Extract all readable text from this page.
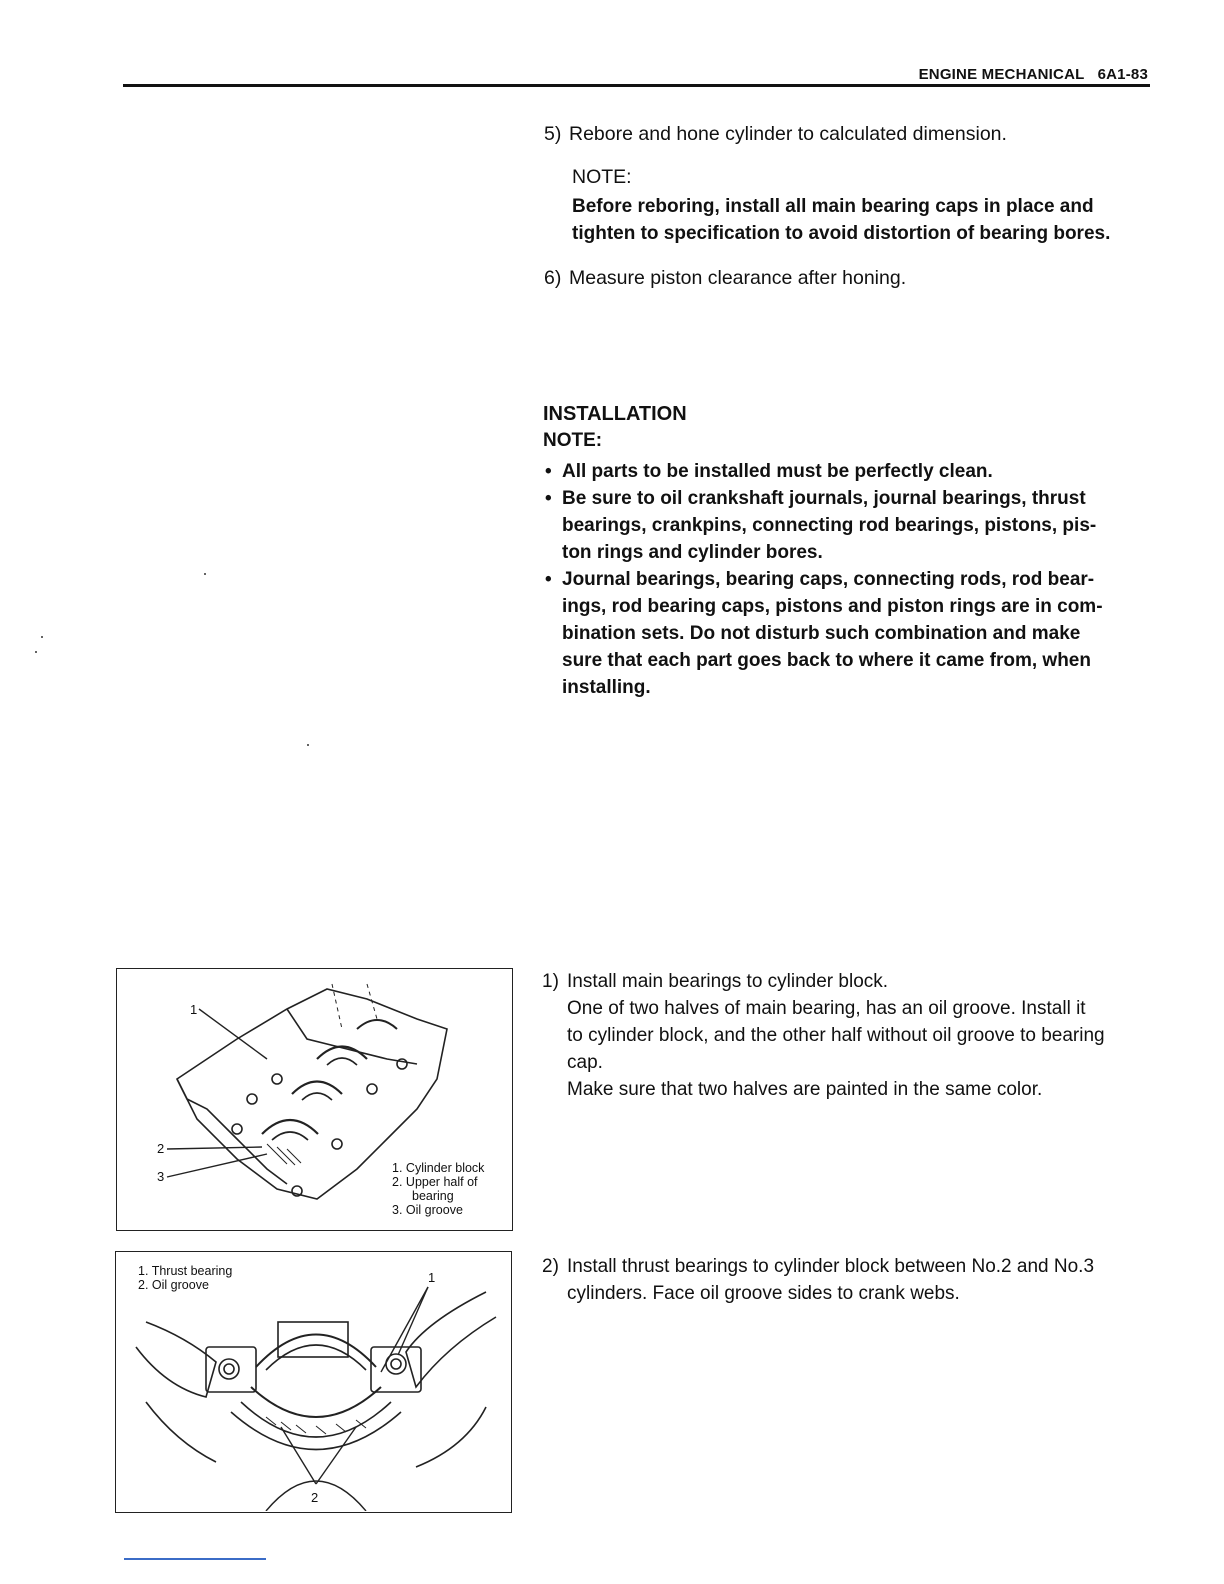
ENGINE MECHANICAL 6A1-83
5) Rebore and hone cylinder to calculated dimension.
NOTE:
Before reboring, install all main bearing caps in place and
tighten to specification to avoid distortion of bearing bores.
6) Measure piston clearance after honing.
INSTALLATION
NOTE:
• All parts to be installed must be perfectly clean.
• Be sure to oil crankshaft journals, journal bearings, thrust
bearings, crankpins, connecting rod bearings, pistons, pis-
ton rings and cylinder bores.
• Journal bearings, bearing caps, connecting rods, rod bear-
ings, rod bearing caps, pistons and piston rings are in com-
bination sets. Do not disturb such combination and make
sure that each part goes back to where it came from, when
installing.
1) Install main bearings to cylinder block.
One of two halves of main bearing, has an oil groove. Install it
to cylinder block, and the other half without oil groove to bearing
cap.
Make sure that two halves are painted in the same color.
2) Install thrust bearings to cylinder block between No.2 and No.3
cylinders. Face oil groove sides to crank webs.
1
2
3
1. Cylinder block
2. Upper half of
bearing
3. Oil groove
1
2
1. Thrust bearing
2. Oil groove
